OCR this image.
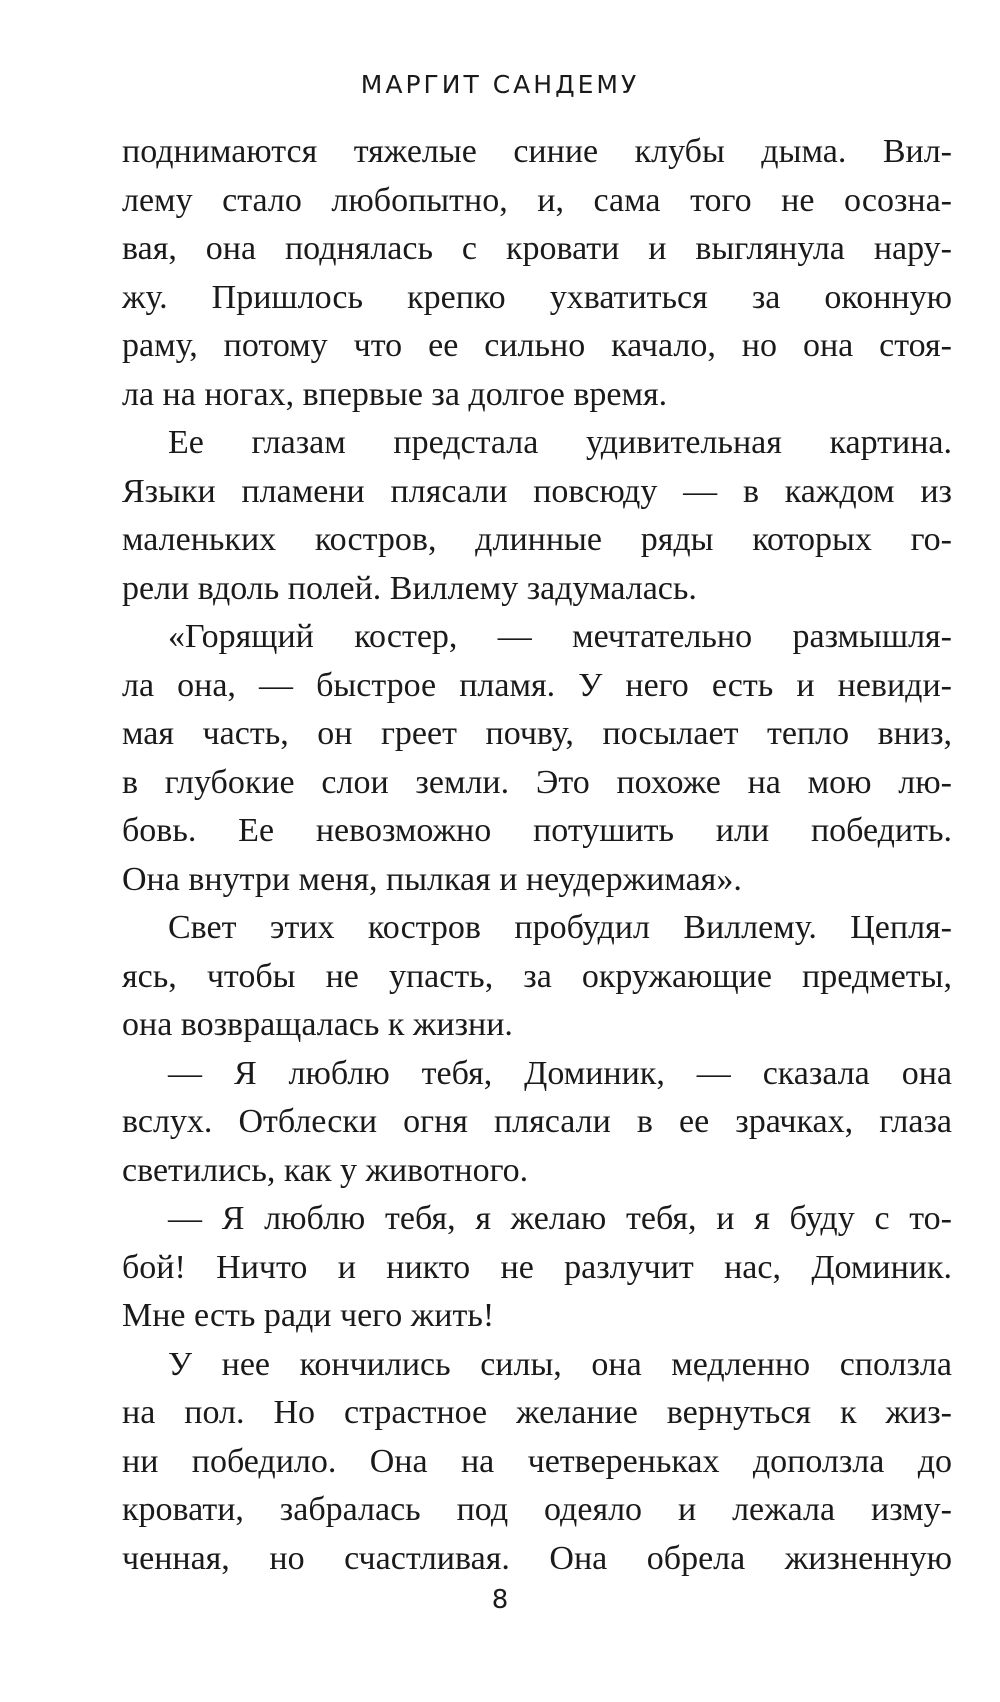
МАРГИТ САНДЕМУ
поднимаются тяжелые синие клубы дыма. Вил-
лему стало любопытно, и, сама того не осозна-
вая, она поднялась с кровати и выглянула нару-
жу. Пришлось крепко ухватиться за оконную
раму, потому что ее сильно качало, но она стоя-
ла на ногах, впервые за долгое время.
Ее глазам предстала удивительная картина.
Языки пламени плясали повсюду — в каждом из
маленьких костров, длинные ряды которых го-
рели вдоль полей. Виллему задумалась.
«Горящий костер, — мечтательно размышля-
ла она, — быстрое пламя. У него есть и невиди-
мая часть, он греет почву, посылает тепло вниз,
в глубокие слои земли. Это похоже на мою лю-
бовь. Ее невозможно потушить или победить.
Она внутри меня, пылкая и неудержимая».
Свет этих костров пробудил Виллему. Цепля-
ясь, чтобы не упасть, за окружающие предметы,
она возвращалась к жизни.
— Я люблю тебя, Доминик, — сказала она
вслух. Отблески огня плясали в ее зрачках, глаза
светились, как у животного.
— Я люблю тебя, я желаю тебя, и я буду с то-
бой! Ничто и никто не разлучит нас, Доминик.
Мне есть ради чего жить!
У нее кончились силы, она медленно сползла
на пол. Но страстное желание вернуться к жиз-
ни победило. Она на четвереньках доползла до
кровати, забралась под одеяло и лежала изму-
ченная, но счастливая. Она обрела жизненную
8
